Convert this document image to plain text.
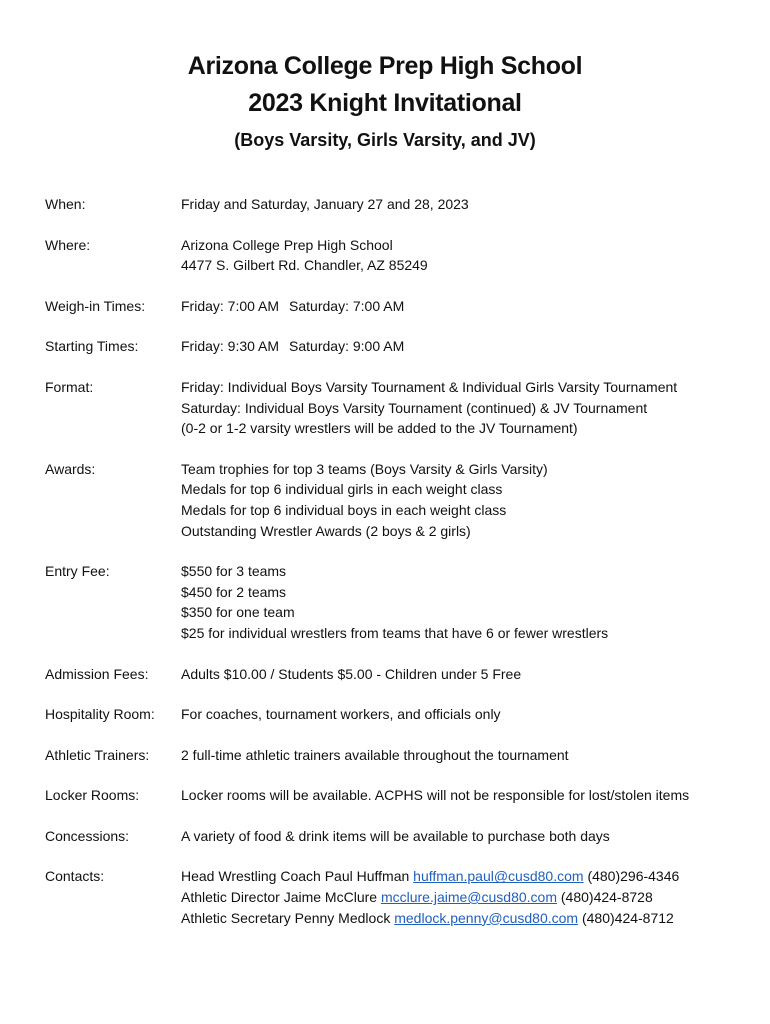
Arizona College Prep High School
2023 Knight Invitational
(Boys Varsity, Girls Varsity, and JV)
When:	Friday and Saturday, January 27 and 28, 2023
Where:	Arizona College Prep High School
4477 S. Gilbert Rd. Chandler, AZ 85249
Weigh-in Times:	Friday: 7:00 AM Saturday: 7:00 AM
Starting Times:	Friday: 9:30 AM Saturday: 9:00 AM
Format:	Friday: Individual Boys Varsity Tournament & Individual Girls Varsity Tournament
Saturday: Individual Boys Varsity Tournament (continued) & JV Tournament
(0-2 or 1-2 varsity wrestlers will be added to the JV Tournament)
Awards:	Team trophies for top 3 teams (Boys Varsity & Girls Varsity)
Medals for top 6 individual girls in each weight class
Medals for top 6 individual boys in each weight class
Outstanding Wrestler Awards (2 boys & 2 girls)
Entry Fee:	$550 for 3 teams
$450 for 2 teams
$350 for one team
$25 for individual wrestlers from teams that have 6 or fewer wrestlers
Admission Fees:	Adults $10.00 / Students $5.00 - Children under 5 Free
Hospitality Room:	For coaches, tournament workers, and officials only
Athletic Trainers:	2 full-time athletic trainers available throughout the tournament
Locker Rooms:	Locker rooms will be available. ACPHS will not be responsible for lost/stolen items
Concessions:	A variety of food & drink items will be available to purchase both days
Contacts:	Head Wrestling Coach Paul Huffman huffman.paul@cusd80.com (480)296-4346
Athletic Director Jaime McClure mcclure.jaime@cusd80.com (480)424-8728
Athletic Secretary Penny Medlock medlock.penny@cusd80.com (480)424-8712
